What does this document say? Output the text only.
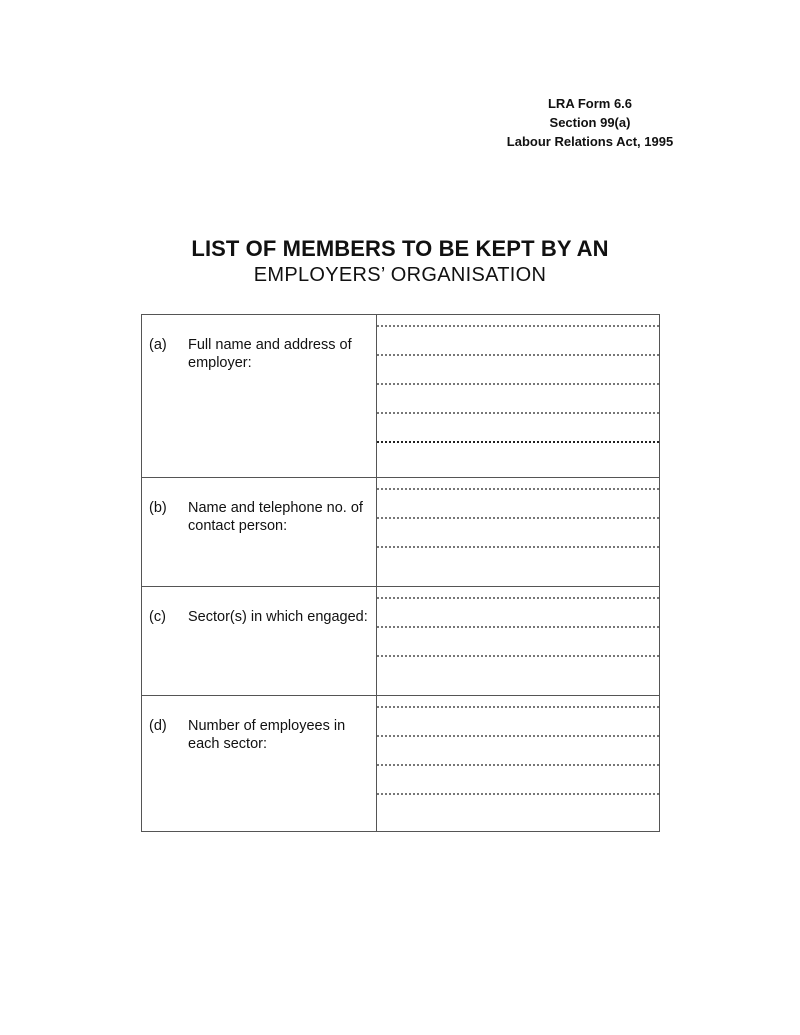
LRA Form 6.6
Section 99(a)
Labour Relations Act, 1995
LIST OF MEMBERS TO BE KEPT BY AN
EMPLOYERS’ ORGANISATION
(a) Full name and address of employer:	

(b) Name and telephone no. of contact person:	

(c) Sector(s) in which engaged:	

(d) Number of employees in each sector:	
